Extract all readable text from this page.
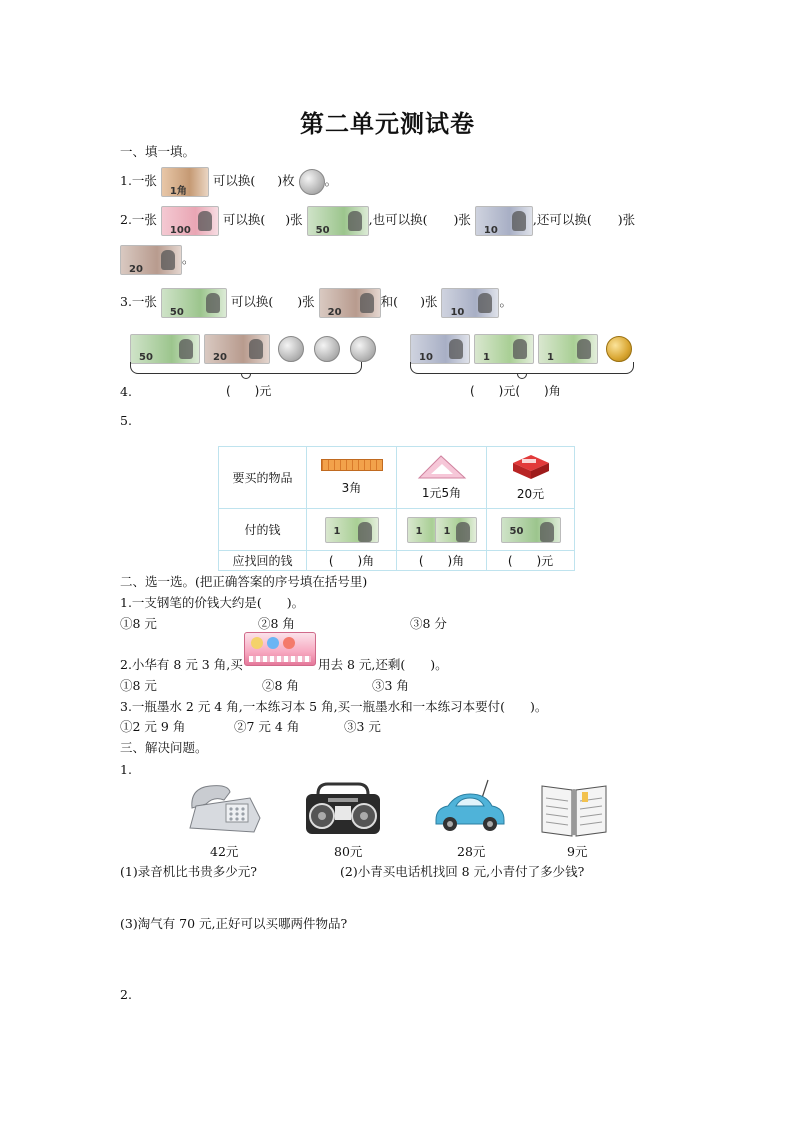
第二单元测试卷
一、填一填。
1.一张
1角
可以换( )枚 。
2.一张
100
可以换( )张
50
,也可以换( )张
10
,还可以换( )张
20
。
3.一张
50
可以换( )张
20
和( )张
10
。
50
	20

4.	(　　)元
10
	1
	1

(　　)元(　　)角
5.
要买的物品	3角	1元5角	20元

付的钱	1	1 1	50

应找回的钱	(　　)角	(　　)角	(　　)元
二、选一选。(把正确答案的序号填在括号里)
1.一支钢笔的价钱大约是(　　)。
①8 元	②8 角	③8 分
2.小华有 8 元 3 角,买	用去 8 元,还剩(　　)。
①8 元	②8 角	③3 角
3.一瓶墨水 2 元 4 角,一本练习本 5 角,买一瓶墨水和一本练习本要付(　　)。
①2 元 9 角	②7 元 4 角	③3 元
三、解决问题。
1.
42元	80元	28元	9元
(1)录音机比书贵多少元?	(2)小青买电话机找回 8 元,小青付了多少钱?
(3)淘气有 70 元,正好可以买哪两件物品?
2.
